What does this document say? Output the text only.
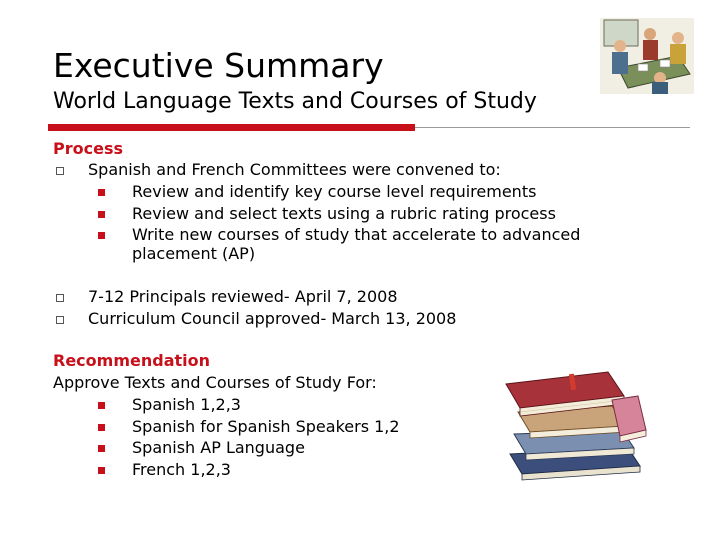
Executive Summary
World Language Texts and Courses of Study
Process
Spanish and French Committees were convened to:
Review and identify key course level requirements
Review and select texts using a rubric rating process
Write new courses of study that accelerate to advanced
placement (AP)
7-12 Principals reviewed- April 7, 2008
Curriculum Council approved- March 13, 2008
Recommendation
Approve Texts and Courses of Study For:
Spanish 1,2,3
Spanish for Spanish Speakers 1,2
Spanish AP Language
French 1,2,3
